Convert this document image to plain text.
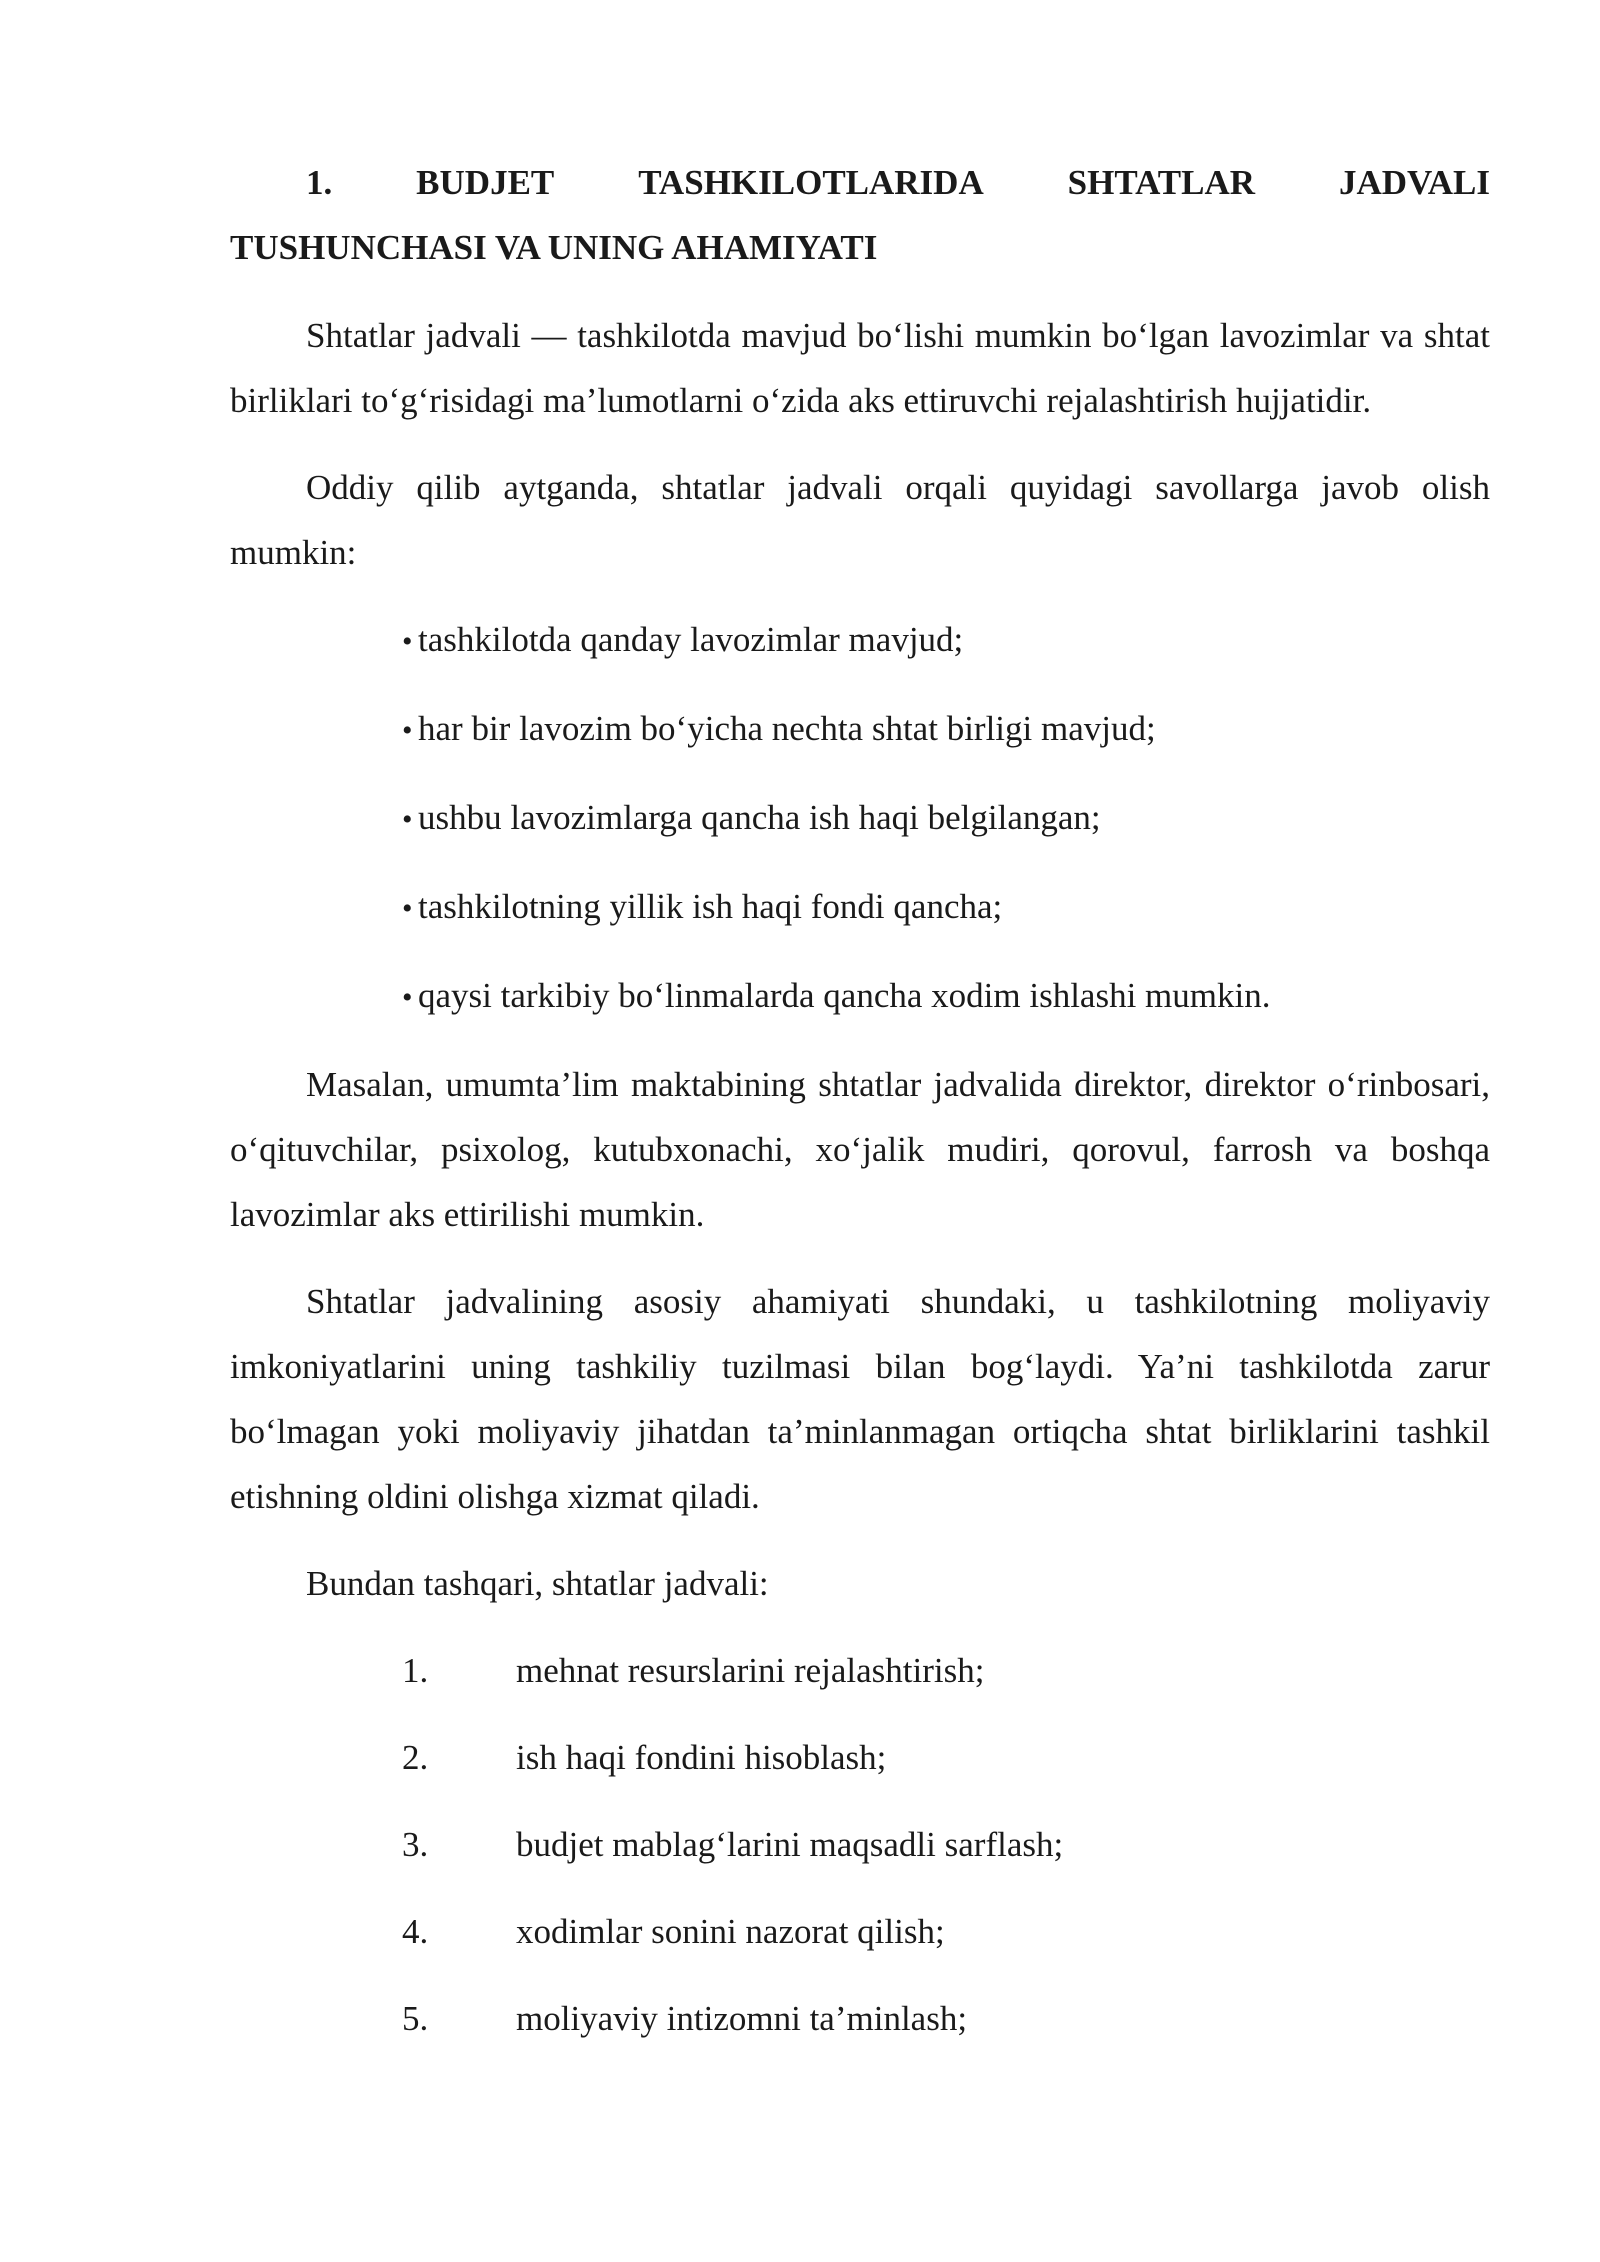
1. BUDJET TASHKILOTLARIDA SHTATLAR JADVALI
TUSHUNCHASI VA UNING AHAMIYATI

Shtatlar jadvali — tashkilotda mavjud bo‘lishi mumkin bo‘lgan lavozimlar va shtat birliklari to‘g‘risidagi ma’lumotlarni o‘zida aks ettiruvchi rejalashtirish hujjatidir.

Oddiy qilib aytganda, shtatlar jadvali orqali quyidagi savollarga javob olish mumkin:

• tashkilotda qanday lavozimlar mavjud;
• har bir lavozim bo‘yicha nechta shtat birligi mavjud;
• ushbu lavozimlarga qancha ish haqi belgilangan;
• tashkilotning yillik ish haqi fondi qancha;
• qaysi tarkibiy bo‘linmalarda qancha xodim ishlashi mumkin.

Masalan, umumta’lim maktabining shtatlar jadvalida direktor, direktor o‘rinbosari, o‘qituvchilar, psixolog, kutubxonachi, xo‘jalik mudiri, qorovul, farrosh va boshqa lavozimlar aks ettirilishi mumkin.

Shtatlar jadvalining asosiy ahamiyati shundaki, u tashkilotning moliyaviy imkoniyatlarini uning tashkiliy tuzilmasi bilan bog‘laydi. Ya’ni tashkilotda zarur bo‘lmagan yoki moliyaviy jihatdan ta’minlanmagan ortiqcha shtat birliklarini tashkil etishning oldini olishga xizmat qiladi.

Bundan tashqari, shtatlar jadvali:

1.	mehnat resurslarini rejalashtirish;
2.	ish haqi fondini hisoblash;
3.	budjet mablag‘larini maqsadli sarflash;
4.	xodimlar sonini nazorat qilish;
5.	moliyaviy intizomni ta’minlash;
